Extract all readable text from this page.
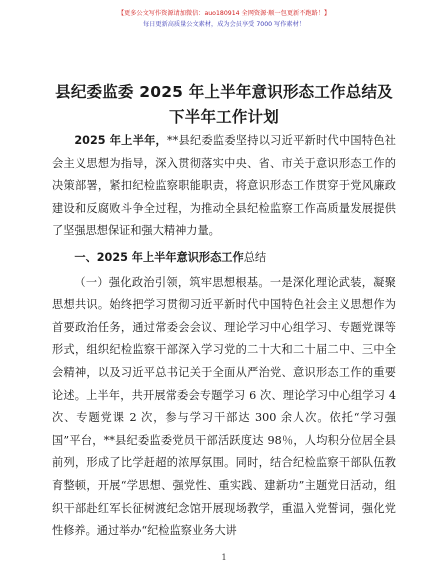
【更多公文写作资源请加微信：auo180914 全网资源·顺一包更新不跑路！】
每日更新高质量公文素材，成为会员享受 7000 写作素材！
县纪委监委 2025 年上半年意识形态工作总结及下半年工作计划

2025 年上半年，**县纪委监委坚持以习近平新时代中国特色社会主义思想为指导，深入贯彻落实中央、省、市关于意识形态工作的决策部署，紧扣纪检监察职能职责，将意识形态工作贯穿于党风廉政建设和反腐败斗争全过程，为推动全县纪检监察工作高质量发展提供了坚强思想保证和强大精神力量。

一、2025 年上半年意识形态工作总结

（一）强化政治引领，筑牢思想根基。一是深化理论武装，凝聚思想共识。始终把学习贯彻习近平新时代中国特色社会主义思想作为首要政治任务，通过常委会会议、理论学习中心组学习、专题党课等形式，组织纪检监察干部深入学习党的二十大和二十届二中、三中全会精神，以及习近平总书记关于全面从严治党、意识形态工作的重要论述。上半年，共开展常委会专题学习 6 次、理论学习中心组学习 4 次、专题党课 2 次，参与学习干部达 300 余人次。依托“学习强国”平台，**县纪委监委党员干部活跃度达 98％，人均积分位居全县前列，形成了比学赶超的浓厚氛围。同时，结合纪检监察干部队伍教育整顿，开展“学思想、强党性、重实践、建新功”主题党日活动，组织干部赴红军长征树渡纪念馆开展现场教学，重温入党誓词，强化党性修养。通过举办“纪检监察业务大讲

1
